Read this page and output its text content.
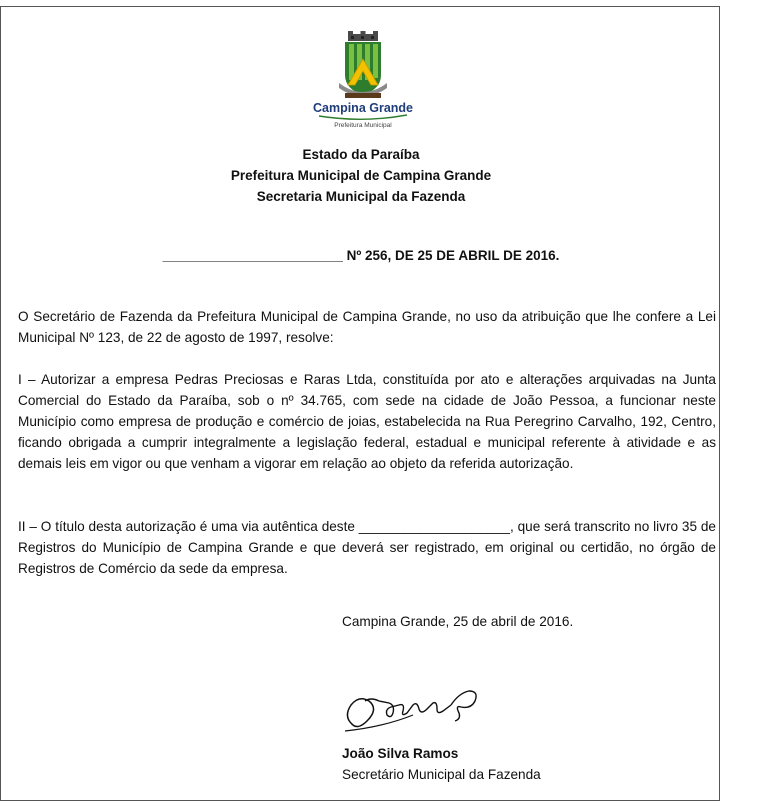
Campina Grande
Prefeitura Municipal
Estado da Paraíba
Prefeitura Municipal de Campina Grande
Secretaria Municipal da Fazenda
________________________ Nº 256, DE 25 DE ABRIL DE 2016.
O Secretário de Fazenda da Prefeitura Municipal de Campina Grande, no uso da atribuição que lhe confere a Lei Municipal Nº 123, de 22 de agosto de 1997, resolve:
I – Autorizar a empresa Pedras Preciosas e Raras Ltda, constituída por ato e alterações arquivadas na Junta Comercial do Estado da Paraíba, sob o nº 34.765, com sede na cidade de João Pessoa, a funcionar neste Município como empresa de produção e comércio de joias, estabelecida na Rua Peregrino Carvalho, 192, Centro, ficando obrigada a cumprir integralmente a legislação federal, estadual e municipal referente à atividade e as demais leis em vigor ou que venham a vigorar em relação ao objeto da referida autorização.
II – O título desta autorização é uma via autêntica deste ____________________, que será transcrito no livro 35 de Registros do Município de Campina Grande e que deverá ser registrado, em original ou certidão, no órgão de Registros de Comércio da sede da empresa.
Campina Grande, 25 de abril de 2016.
João Silva Ramos
Secretário Municipal da Fazenda
